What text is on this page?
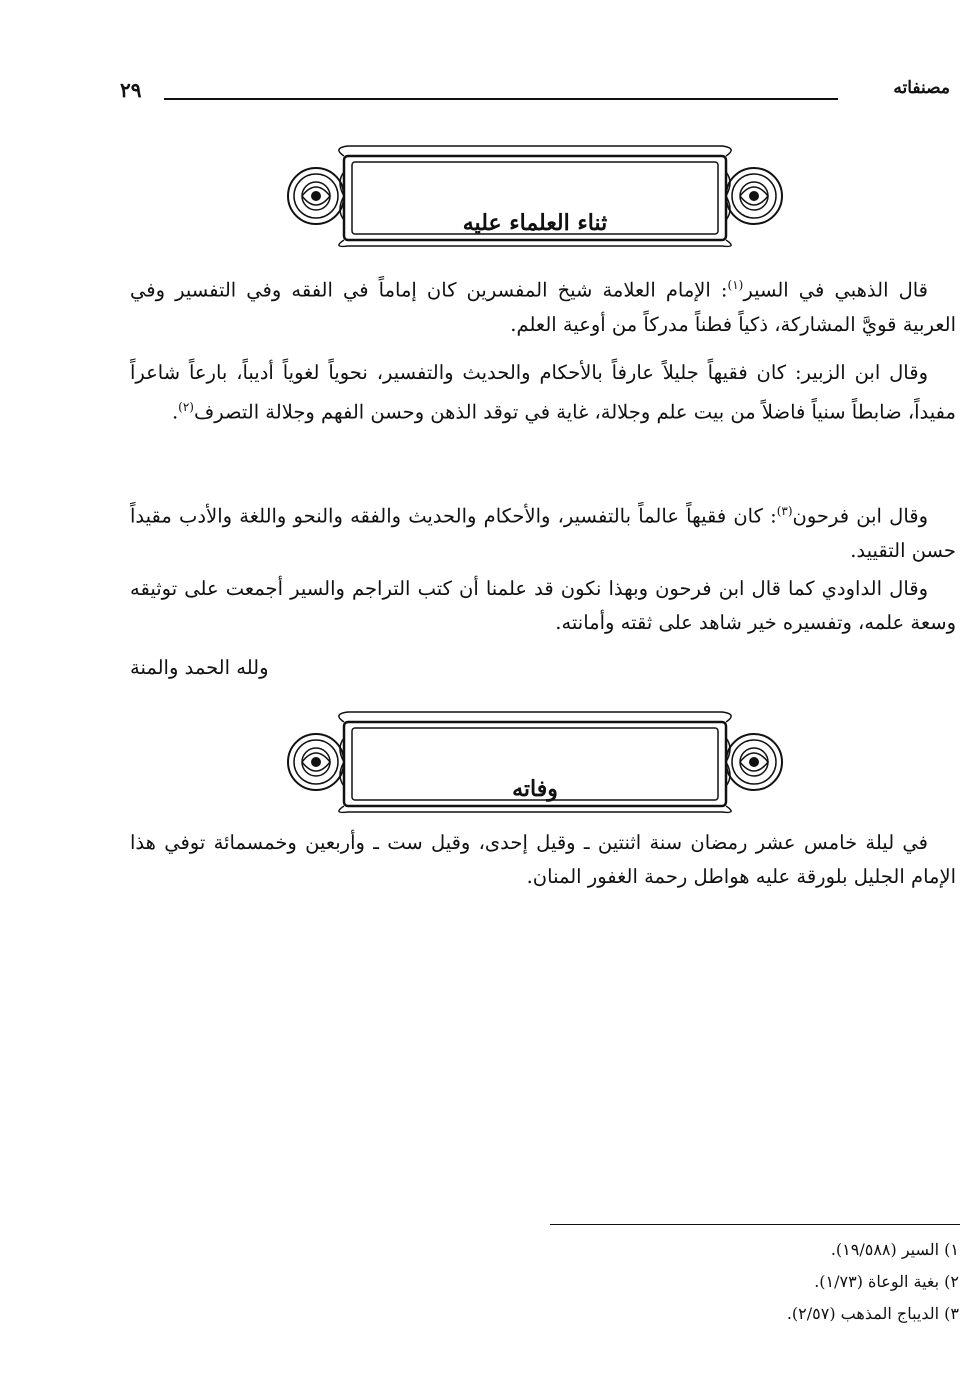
مصنفاته
٢٩
ثناء العلماء عليه

قال الذهبي في السير$^{(١)}$: الإمام العلامة شيخ المفسرين كان إماماً في الفقه وفي التفسير وفي العربية قويَّ المشاركة، ذكياً فطناً مدركاً من أوعية العلم.

وقال ابن الزبير: كان فقيهاً جليلاً عارفاً بالأحكام والحديث والتفسير، نحوياً لغوياً أديباً، بارعاً شاعراً مفيداً، ضابطاً سنياً فاضلاً من بيت علم وجلالة، غاية في توقد الذهن وحسن الفهم وجلالة التصرف$^{(٢)}$.

وقال ابن فرحون$^{(٣)}$: كان فقيهاً عالماً بالتفسير، والأحكام والحديث والفقه والنحو واللغة والأدب مقيداً حسن التقييد.

وقال الداودي كما قال ابن فرحون وبهذا نكون قد علمنا أن كتب التراجم والسير أجمعت على توثيقه وسعة علمه، وتفسيره خير شاهد على ثقته وأمانته.

ولله الحمد والمنة
وفاته

في ليلة خامس عشر رمضان سنة اثنتين ـ وقيل إحدى، وقيل ست ـ وأربعين وخمسمائة توفي هذا الإمام الجليل بلورقة عليه هواطل رحمة الغفور المنان.

١) السير (١٩/٥٨٨).
٢) بغية الوعاة (١/٧٣).
٣) الديباج المذهب (٢/٥٧).
